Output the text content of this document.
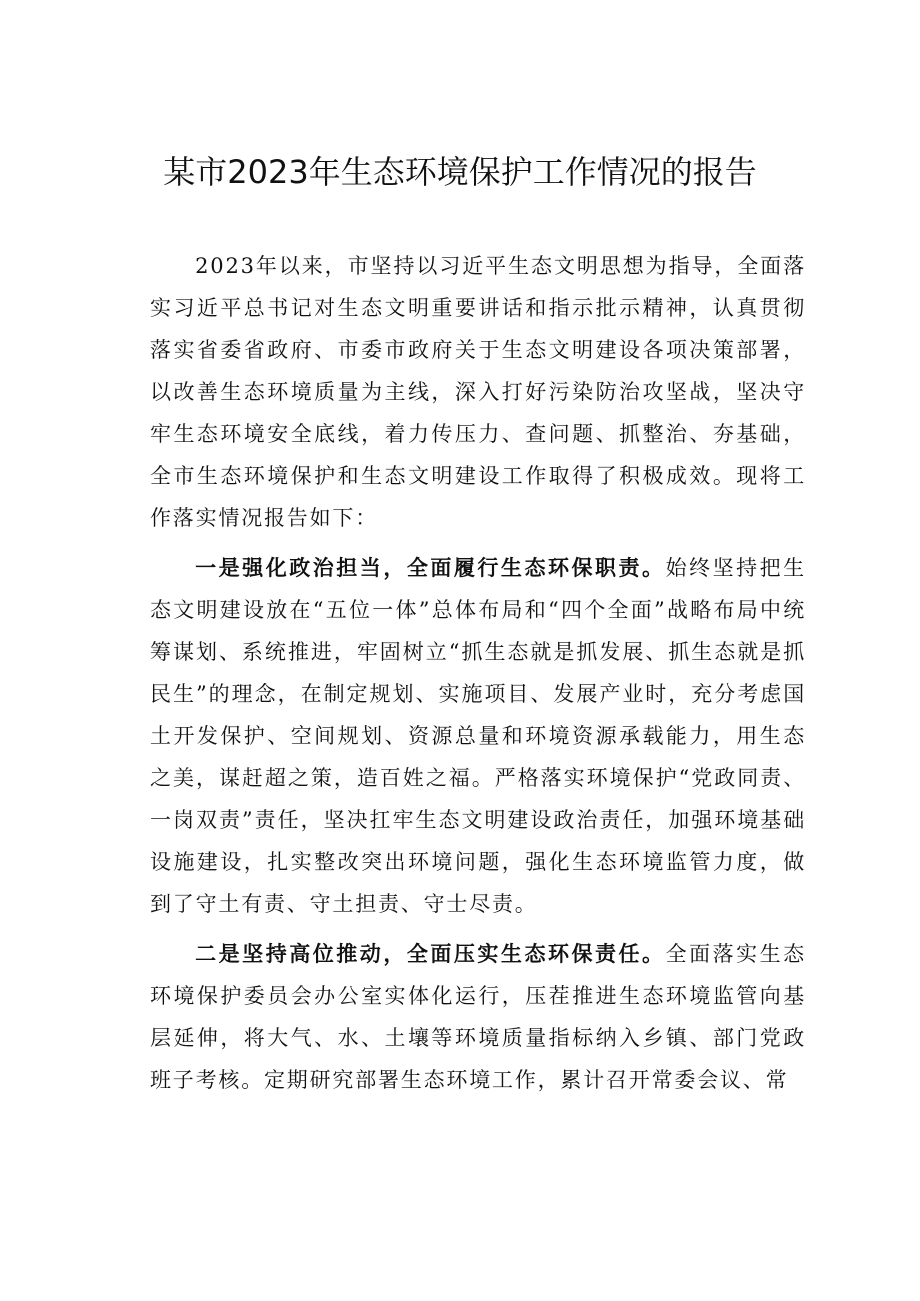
某市2023年生态环境保护工作情况的报告

2023年以来，市坚持以习近平生态文明思想为指导，全面落实习近平总书记对生态文明重要讲话和指示批示精神，认真贯彻落实省委省政府、市委市政府关于生态文明建设各项决策部署，以改善生态环境质量为主线，深入打好污染防治攻坚战，坚决守牢生态环境安全底线，着力传压力、查问题、抓整治、夯基础，全市生态环境保护和生态文明建设工作取得了积极成效。现将工作落实情况报告如下：

一是强化政治担当，全面履行生态环保职责。始终坚持把生态文明建设放在“五位一体”总体布局和“四个全面”战略布局中统筹谋划、系统推进，牢固树立“抓生态就是抓发展、抓生态就是抓民生”的理念，在制定规划、实施项目、发展产业时，充分考虑国土开发保护、空间规划、资源总量和环境资源承载能力，用生态之美，谋赶超之策，造百姓之福。严格落实环境保护“党政同责、一岗双责”责任，坚决扛牢生态文明建设政治责任，加强环境基础设施建设，扎实整改突出环境问题，强化生态环境监管力度，做到了守土有责、守土担责、守士尽责。

二是坚持高位推动，全面压实生态环保责任。全面落实生态环境保护委员会办公室实体化运行，压茬推进生态环境监管向基层延伸，将大气、水、土壤等环境质量指标纳入乡镇、部门党政班子考核。定期研究部署生态环境工作，累计召开常委会议、常
